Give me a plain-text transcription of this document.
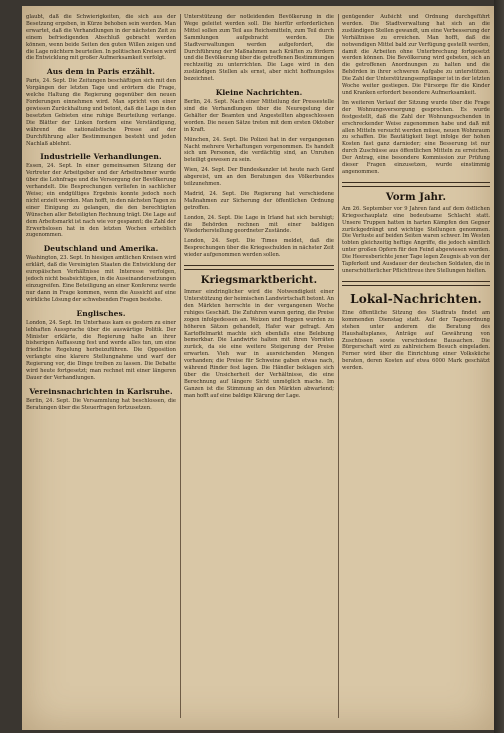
glaubt, daß die Schwierigkeiten, die sich aus der Besetzung ergeben, in Kürze behoben sein werden. Man erwartet, daß die Verhandlungen in der nächsten Zeit zu einem befriedigenden Abschluß gebracht werden können, wenn beide Seiten den guten Willen zeigen und die Lage nüchtern beurteilen. In politischen Kreisen wird die Entwicklung mit großer Aufmerksamkeit verfolgt.

Aus dem in Paris erzählt.

Paris, 24. Sept. Die Zeitungen beschäftigen sich mit den Vorgängen der letzten Tage und erörtern die Frage, welche Haltung die Regierung gegenüber den neuen Forderungen einnehmen wird. Man spricht von einer gewissen Zurückhaltung und betont, daß die Lage in den besetzten Gebieten eine ruhige Beurteilung verlange. Die Blätter der Linken fordern eine Verständigung, während die nationalistische Presse auf der Durchführung aller Bestimmungen besteht und jeden Nachlaß ablehnt.

Industrielle Verhandlungen.

Essen, 24. Sept. In einer gemeinsamen Sitzung der Vertreter der Arbeitgeber und der Arbeitnehmer wurde über die Lohnfrage und die Versorgung der Bevölkerung verhandelt. Die Besprechungen verliefen in sachlicher Weise; ein endgültiges Ergebnis konnte jedoch noch nicht erzielt werden. Man hofft, in den nächsten Tagen zu einer Einigung zu gelangen, die den berechtigten Wünschen aller Beteiligten Rechnung trägt. Die Lage auf dem Arbeitsmarkt ist nach wie vor gespannt; die Zahl der Erwerbslosen hat in den letzten Wochen erheblich zugenommen.

Deutschland und Amerika.

Washington, 23. Sept. In hiesigen amtlichen Kreisen wird erklärt, daß die Vereinigten Staaten die Entwicklung der europäischen Verhältnisse mit Interesse verfolgen, jedoch nicht beabsichtigen, in die Auseinandersetzungen einzugreifen. Eine Beteiligung an einer Konferenz werde nur dann in Frage kommen, wenn die Aussicht auf eine wirkliche Lösung der schwebenden Fragen bestehe.

Englisches.

London, 24. Sept. Im Unterhaus kam es gestern zu einer lebhaften Aussprache über die auswärtige Politik. Der Minister erklärte, die Regierung halte an ihrer bisherigen Auffassung fest und werde alles tun, um eine friedliche Regelung herbeizuführen. Die Opposition verlangte eine klarere Stellungnahme und warf der Regierung vor, die Dinge treiben zu lassen. Die Debatte wird heute fortgesetzt; man rechnet mit einer längeren Dauer der Verhandlungen.

Vereinsnachrichten in Karlsruhe.

Berlin, 24. Sept. Die Versammlung hat beschlossen, die Beratungen über die Steuerfragen fortzusetzen.

Unterstützung der notleidenden Bevölkerung in die Wege geleitet werden soll. Die hierfür erforderlichen Mittel sollen zum Teil aus Reichsmitteln, zum Teil durch Sammlungen aufgebracht werden. Die Stadtverwaltungen werden aufgefordert, die Durchführung der Maßnahmen nach Kräften zu fördern und die Bevölkerung über die getroffenen Bestimmungen rechtzeitig zu unterrichten. Die Lage wird in den zuständigen Stellen als ernst, aber nicht hoffnungslos bezeichnet.

Kleine Nachrichten.

Berlin, 24. Sept. Nach einer Mitteilung der Pressestelle sind die Verhandlungen über die Neuregelung der Gehälter der Beamten und Angestellten abgeschlossen worden. Die neuen Sätze treten mit dem ersten Oktober in Kraft.

München, 24. Sept. Die Polizei hat in der vergangenen Nacht mehrere Verhaftungen vorgenommen. Es handelt sich um Personen, die verdächtig sind, an Unruhen beteiligt gewesen zu sein.

Wien, 24. Sept. Der Bundeskanzler ist heute nach Genf abgereist, um an den Beratungen des Völkerbundes teilzunehmen.

Madrid, 24. Sept. Die Regierung hat verschiedene Maßnahmen zur Sicherung der öffentlichen Ordnung getroffen.

London, 24. Sept. Die Lage in Irland hat sich beruhigt; die Behörden rechnen mit einer baldigen Wiederherstellung geordneter Zustände.

London, 24. Sept. Die Times meldet, daß die Besprechungen über die Kriegsschulden in nächster Zeit wieder aufgenommen werden sollen.

Kriegsmarktbericht.

Immer eindringlicher wird die Notwendigkeit einer Unterstützung der heimischen Landwirtschaft betont. An den Märkten herrschte in der vergangenen Woche ruhiges Geschäft. Die Zufuhren waren gering, die Preise zogen infolgedessen an. Weizen und Roggen wurden zu höheren Sätzen gehandelt, Hafer war gefragt. Am Kartoffelmarkt machte sich ebenfalls eine Belebung bemerkbar. Die Landwirte halten mit ihren Vorräten zurück, da sie eine weitere Steigerung der Preise erwarten. Vieh war in ausreichenden Mengen vorhanden; die Preise für Schweine gaben etwas nach, während Rinder fest lagen. Die Händler beklagen sich über die Unsicherheit der Verhältnisse, die eine Berechnung auf längere Sicht unmöglich mache. Im Ganzen ist die Stimmung an den Märkten abwartend; man hofft auf eine baldige Klärung der Lage.

genügender Aufsicht und Ordnung durchgeführt werden. Die Stadtverwaltung hat sich an die zuständigen Stellen gewandt, um eine Verbesserung der Verhältnisse zu erreichen. Man hofft, daß die notwendigen Mittel bald zur Verfügung gestellt werden, damit die Arbeiten ohne Unterbrechung fortgesetzt werden können. Die Bevölkerung wird gebeten, sich an die getroffenen Anordnungen zu halten und die Behörden in ihrer schweren Aufgabe zu unterstützen. Die Zahl der Unterstützungsempfänger ist in der letzten Woche weiter gestiegen. Die Fürsorge für die Kinder und Kranken erfordert besondere Aufmerksamkeit.

Im weiteren Verlauf der Sitzung wurde über die Frage der Wohnungsversorgung gesprochen. Es wurde festgestellt, daß die Zahl der Wohnungsuchenden in erschreckender Weise zugenommen habe und daß mit allen Mitteln versucht werden müsse, neuen Wohnraum zu schaffen. Die Bautätigkeit liegt infolge der hohen Kosten fast ganz darnieder; eine Besserung ist nur durch Zuschüsse aus öffentlichen Mitteln zu erreichen. Der Antrag, eine besondere Kommission zur Prüfung dieser Fragen einzusetzen, wurde einstimmig angenommen.

Vorm Jahr.

Am 26. September vor 9 Jahren fand auf dem östlichen Kriegsschauplatz eine bedeutsame Schlacht statt. Unsere Truppen hatten in harten Kämpfen den Gegner zurückgedrängt und wichtige Stellungen genommen. Die Verluste auf beiden Seiten waren schwer. Im Westen tobten gleichzeitig heftige Angriffe, die jedoch sämtlich unter großen Opfern für den Feind abgewiesen wurden. Die Heeresberichte jener Tage legen Zeugnis ab von der Tapferkeit und Ausdauer der deutschen Soldaten, die in unerschütterlicher Pflichttreue ihre Stellungen hielten.

Lokal-Nachrichten.

Eine öffentliche Sitzung des Stadtrats findet am kommenden Dienstag statt. Auf der Tagesordnung stehen unter anderem die Beratung des Haushaltsplanes, Anträge auf Gewährung von Zuschüssen sowie verschiedene Bausachen. Die Bürgerschaft wird zu zahlreichem Besuch eingeladen. Ferner wird über die Einrichtung einer Volksküche beraten, deren Kosten auf etwa 6000 Mark geschätzt werden.
